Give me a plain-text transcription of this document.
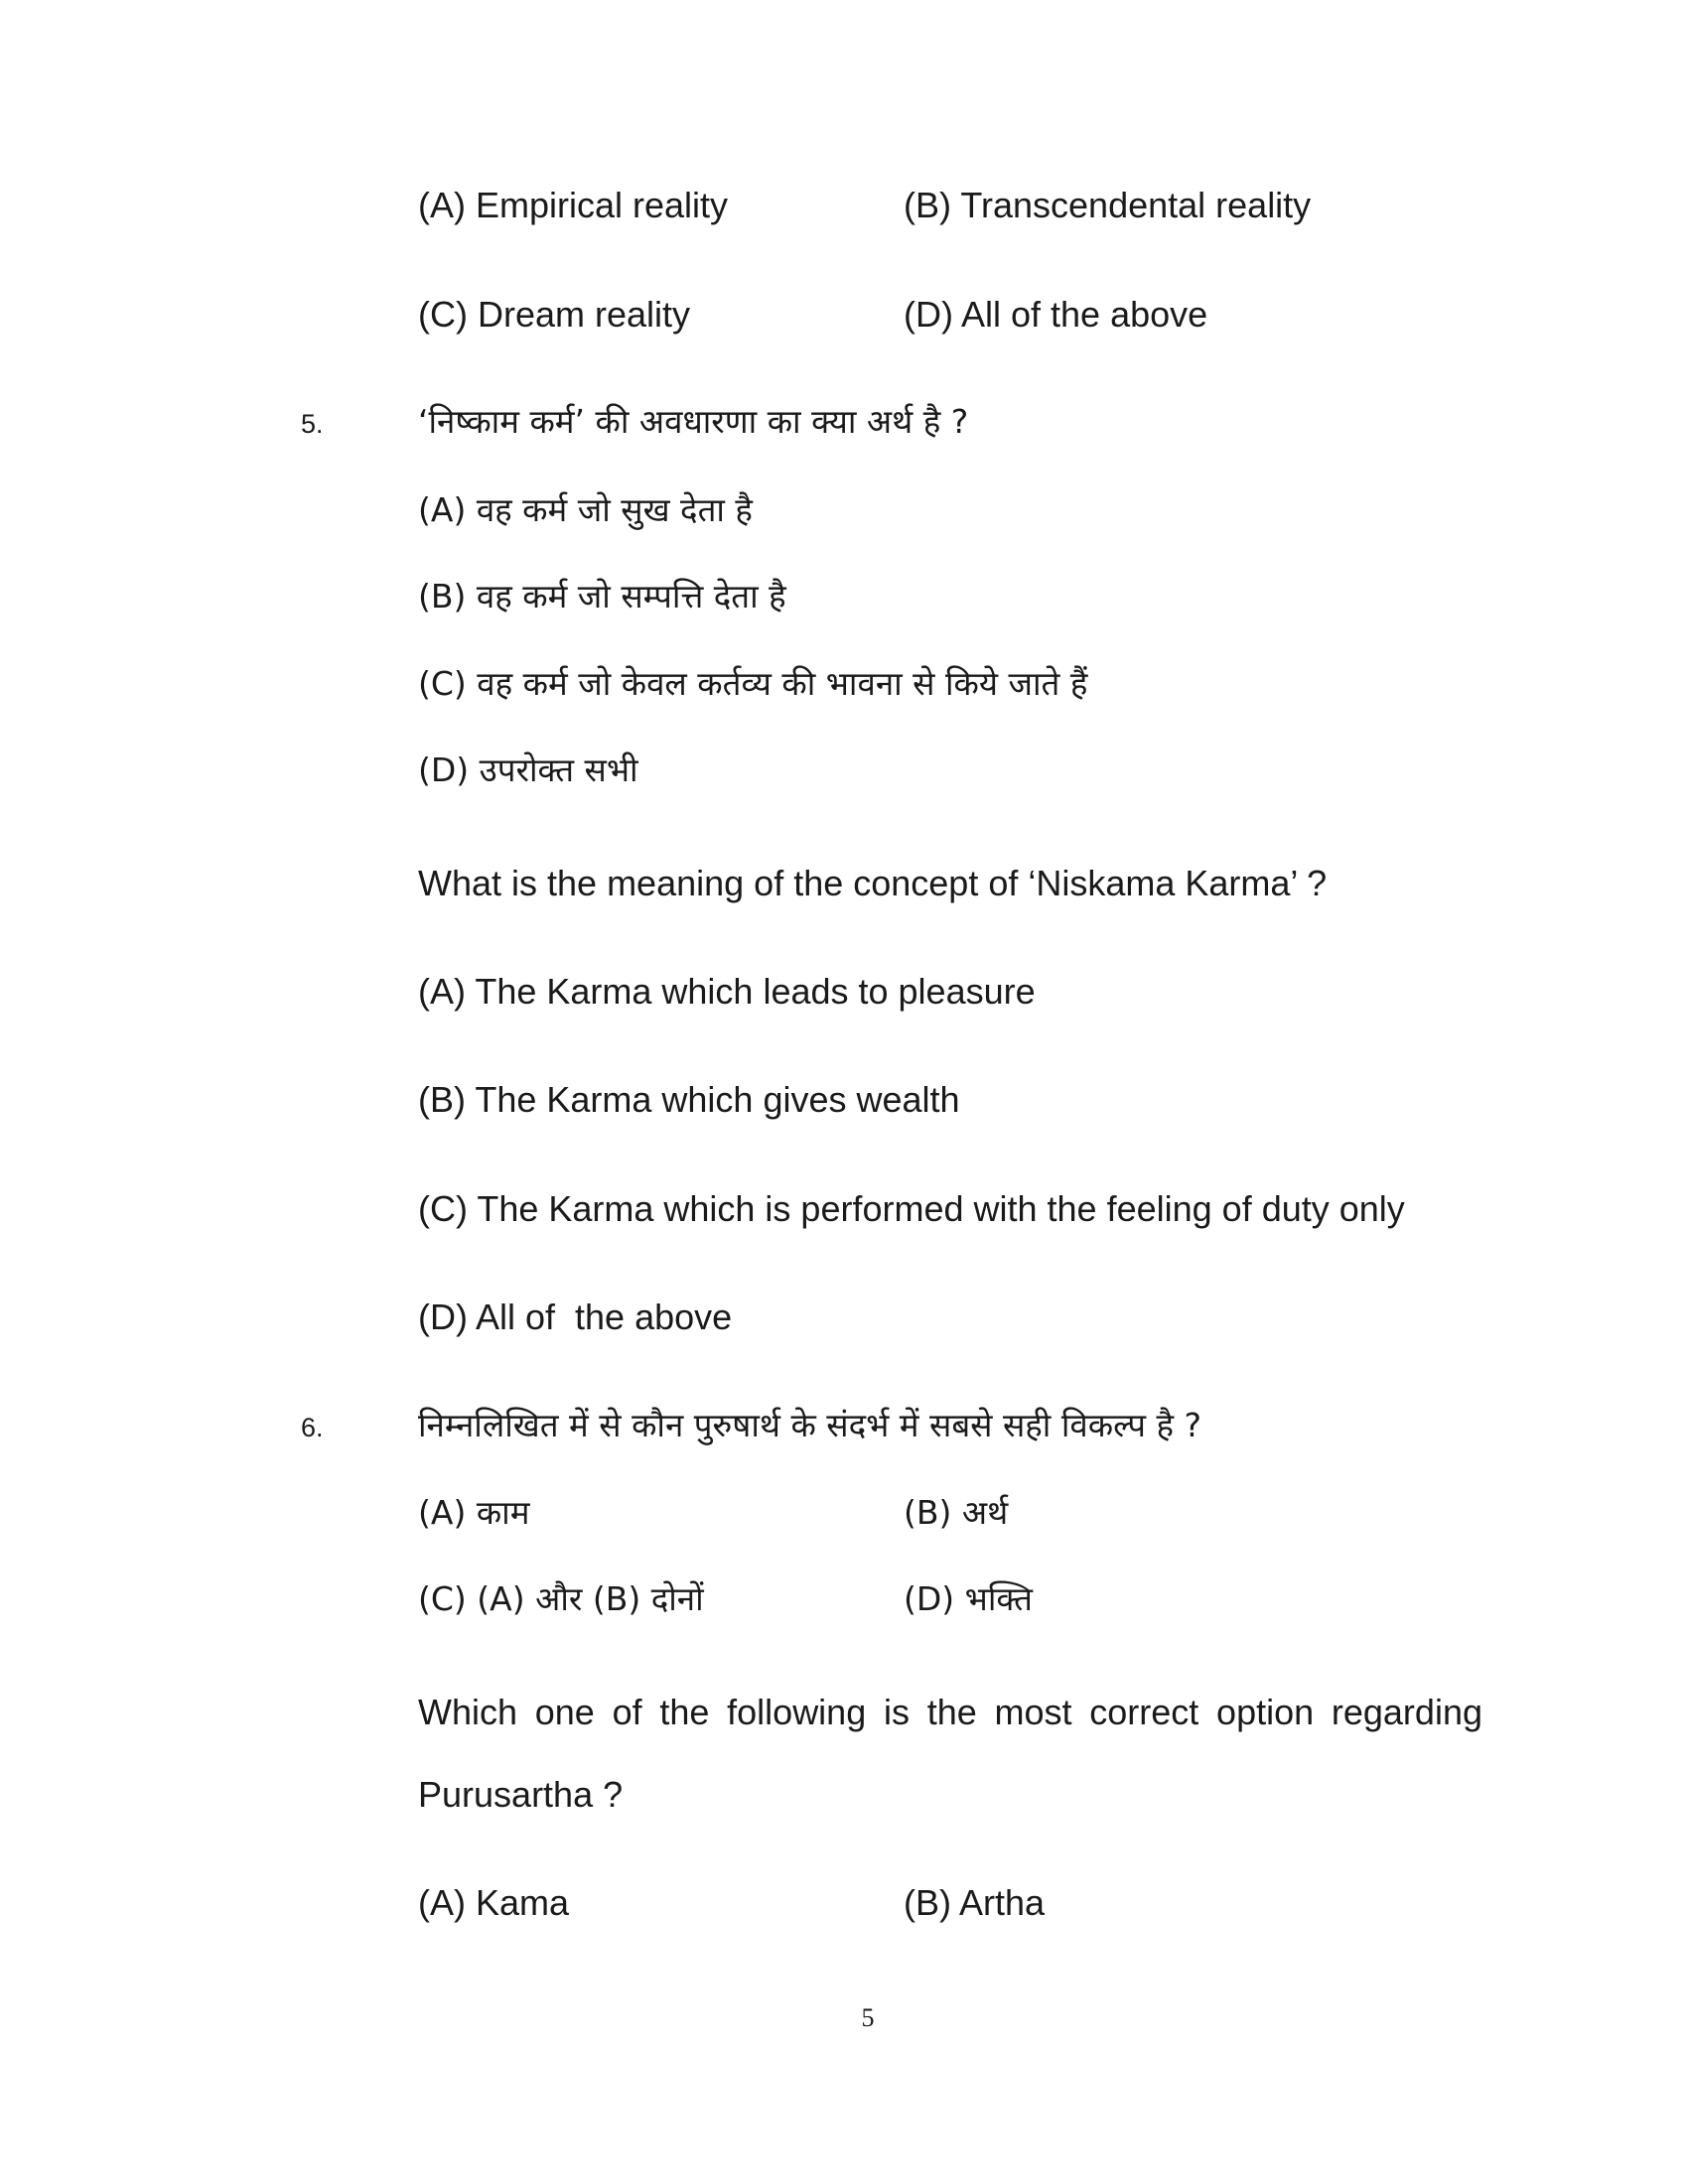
(A) Empirical reality	(B) Transcendental reality
(C) Dream reality	(D) All of the above
5.	‘निष्काम कर्म’ की अवधारणा का क्या अर्थ है ?
(A) वह कर्म जो सुख देता है
(B) वह कर्म जो सम्पत्ति देता है
(C) वह कर्म जो केवल कर्तव्य की भावना से किये जाते हैं
(D) उपरोक्त सभी
What is the meaning of the concept of ‘Niskama Karma’ ?
(A) The Karma which leads to pleasure
(B) The Karma which gives wealth
(C) The Karma which is performed with the feeling of duty only
(D) All of  the above
6.	निम्नलिखित में से कौन पुरुषार्थ के संदर्भ में सबसे सही विकल्प है ?
(A) काम	(B) अर्थ
(C) (A) और (B) दोनों	(D) भक्ति
Which one of the following is the most correct option regarding
Purusartha ?
(A) Kama	(B) Artha
5
